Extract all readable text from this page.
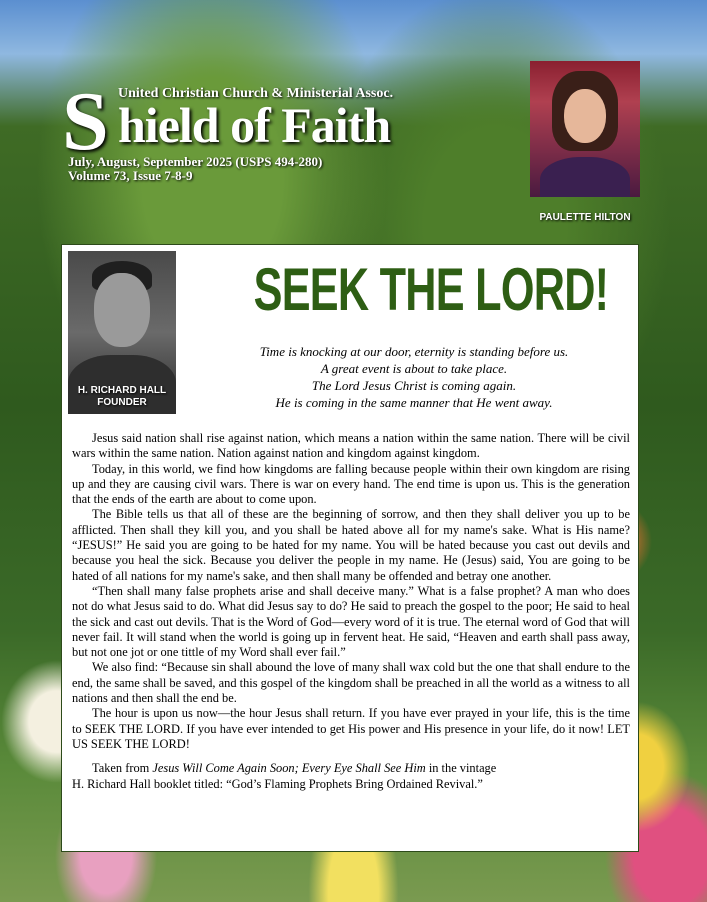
United Christian Church & Ministerial Assoc.
S hield of Faith
July, August, September 2025 (USPS 494-280)
Volume 73, Issue 7-8-9
PAULETTE HILTON
H. RICHARD HALL
FOUNDER
SEEK THE LORD!
Time is knocking at our door, eternity is standing before us.
A great event is about to take place.
The Lord Jesus Christ is coming again.
He is coming in the same manner that He went away.

Jesus said nation shall rise against nation, which means a nation within the same nation. There will be civil wars within the same nation. Nation against nation and kingdom against kingdom.

Today, in this world, we find how kingdoms are falling because people within their own kingdom are rising up and they are causing civil wars. There is war on every hand. The end time is upon us. This is the generation that the ends of the earth are about to come upon.

The Bible tells us that all of these are the beginning of sorrow, and then they shall deliver you up to be afflicted. Then shall they kill you, and you shall be hated above all for my name's sake. What is His name? “JESUS!” He said you are going to be hated for my name. You will be hated because you cast out devils and because you heal the sick. Because you deliver the people in my name. He (Jesus) said, You are going to be hated of all nations for my name's sake, and then shall many be offended and betray one another.

“Then shall many false prophets arise and shall deceive many.” What is a false prophet? A man who does not do what Jesus said to do. What did Jesus say to do? He said to preach the gospel to the poor; He said to heal the sick and cast out devils. That is the Word of God—every word of it is true. The eternal word of God that will never fail. It will stand when the world is going up in fervent heat. He said, “Heaven and earth shall pass away, but not one jot or one tittle of my Word shall ever fail.”

We also find: “Because sin shall abound the love of many shall wax cold but the one that shall endure to the end, the same shall be saved, and this gospel of the kingdom shall be preached in all the world as a witness to all nations and then shall the end be.

The hour is upon us now—the hour Jesus shall return. If you have ever prayed in your life, this is the time to SEEK THE LORD. If you have ever intended to get His power and His presence in your life, do it now! LET US SEEK THE LORD!

Taken from Jesus Will Come Again Soon; Every Eye Shall See Him in the vintage
H. Richard Hall booklet titled: “God’s Flaming Prophets Bring Ordained Revival.”
